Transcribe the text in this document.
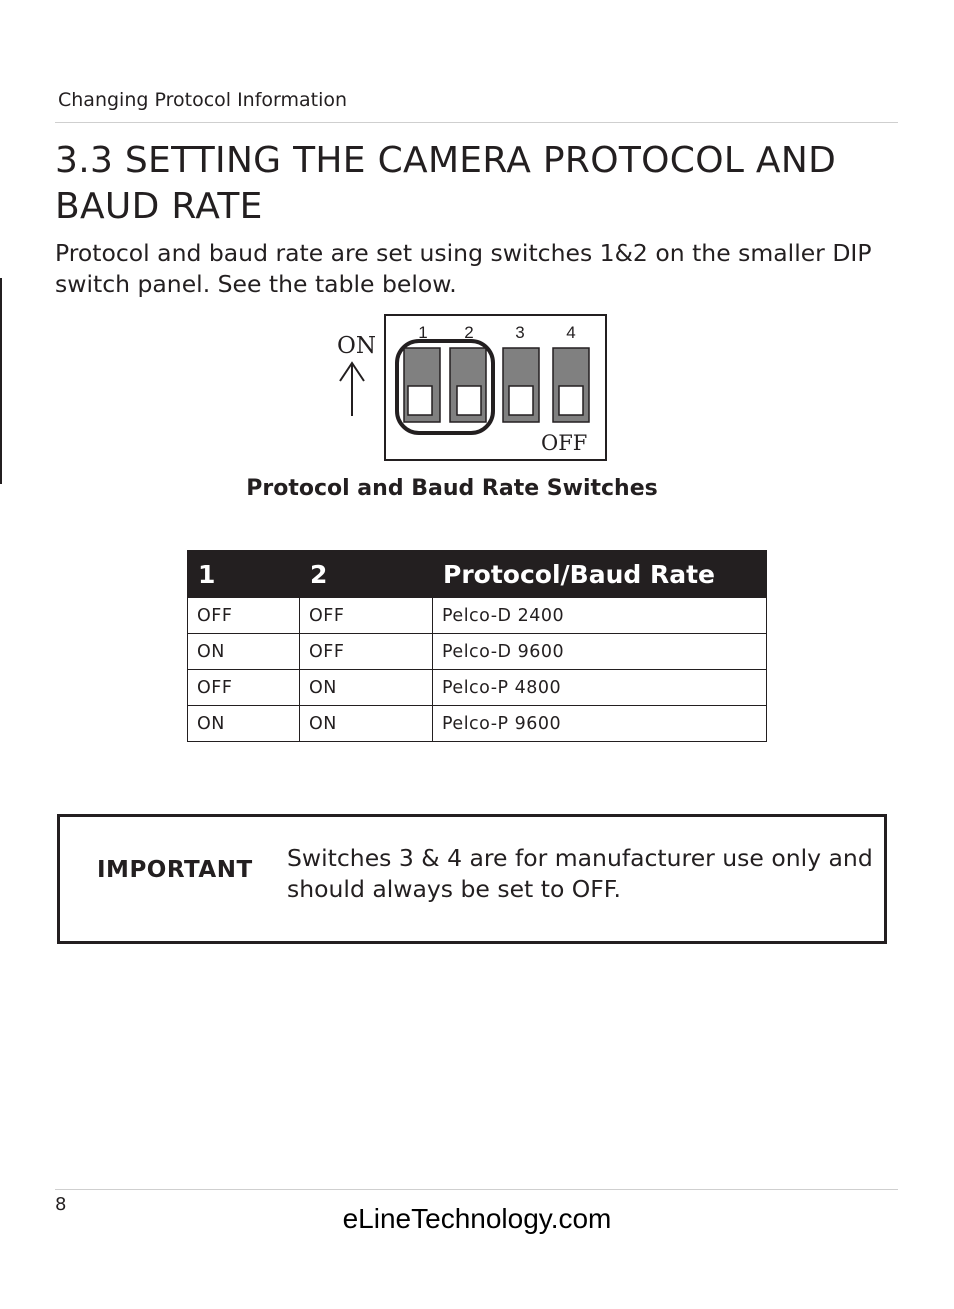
Changing Protocol Information
3.3 SETTING THE CAMERA PROTOCOL AND BAUD RATE

Protocol and baud rate are set using switches 1&2 on the smaller DIP switch panel. See the table below.

ON
1 2 3 4
OFF
Protocol and Baud Rate Switches
1	2	Protocol/Baud Rate
OFF	OFF	Pelco-D 2400
ON	OFF	Pelco-D 9600
OFF	ON	Pelco-P 4800
ON	ON	Pelco-P 9600
IMPORTANT Switches 3 & 4 are for manufacturer use only and should always be set to OFF.
8	eLineTechnology.com
